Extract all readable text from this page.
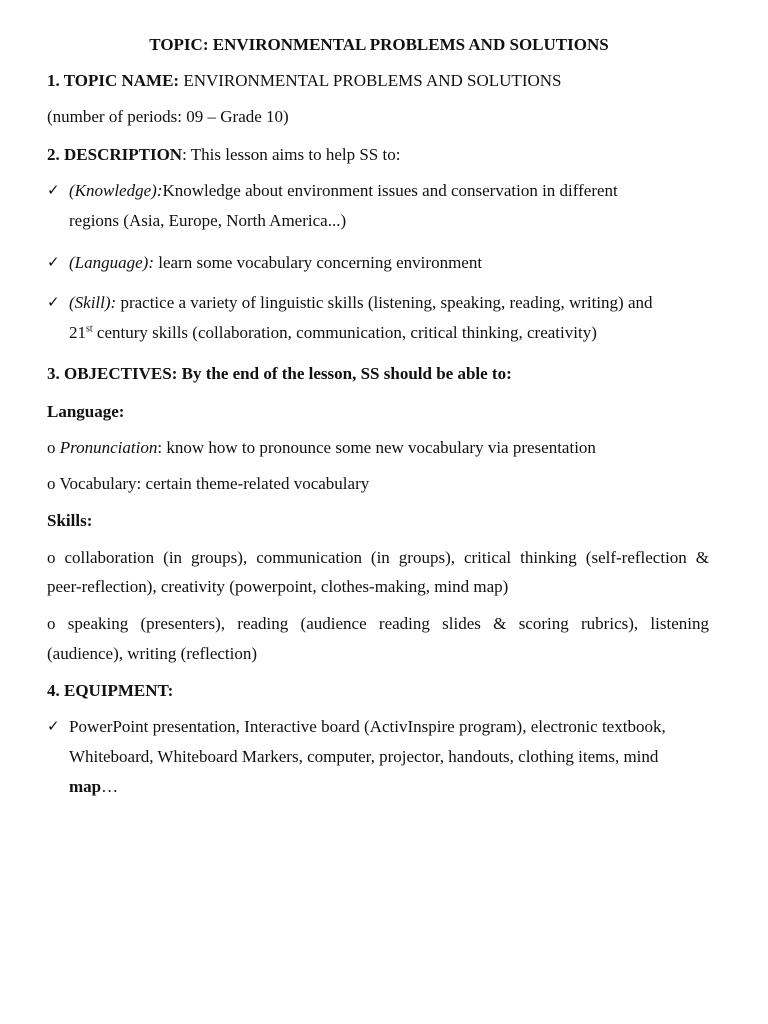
TOPIC: ENVIRONMENTAL PROBLEMS AND SOLUTIONS
1. TOPIC NAME: ENVIRONMENTAL PROBLEMS AND SOLUTIONS
(number of periods: 09 – Grade 10)
2. DESCRIPTION: This lesson aims to help SS to:
✓ (Knowledge):Knowledge about environment issues and conservation in different
regions (Asia, Europe, North America...)
✓ (Language): learn some vocabulary concerning environment
✓ (Skill): practice a variety of linguistic skills (listening, speaking, reading, writing) and
21st century skills (collaboration, communication, critical thinking, creativity)
3. OBJECTIVES: By the end of the lesson, SS should be able to:
Language:
o Pronunciation: know how to pronounce some new vocabulary via presentation
o Vocabulary: certain theme-related vocabulary
Skills:
o collaboration (in groups), communication (in groups), critical thinking (self-reflection &
peer-reflection), creativity (powerpoint, clothes-making, mind map)
o speaking (presenters), reading (audience reading slides & scoring rubrics), listening
(audience), writing (reflection)
4. EQUIPMENT:
✓ PowerPoint presentation, Interactive board (ActivInspire program), electronic textbook,
Whiteboard, Whiteboard Markers, computer, projector, handouts, clothing items, mind
map…
